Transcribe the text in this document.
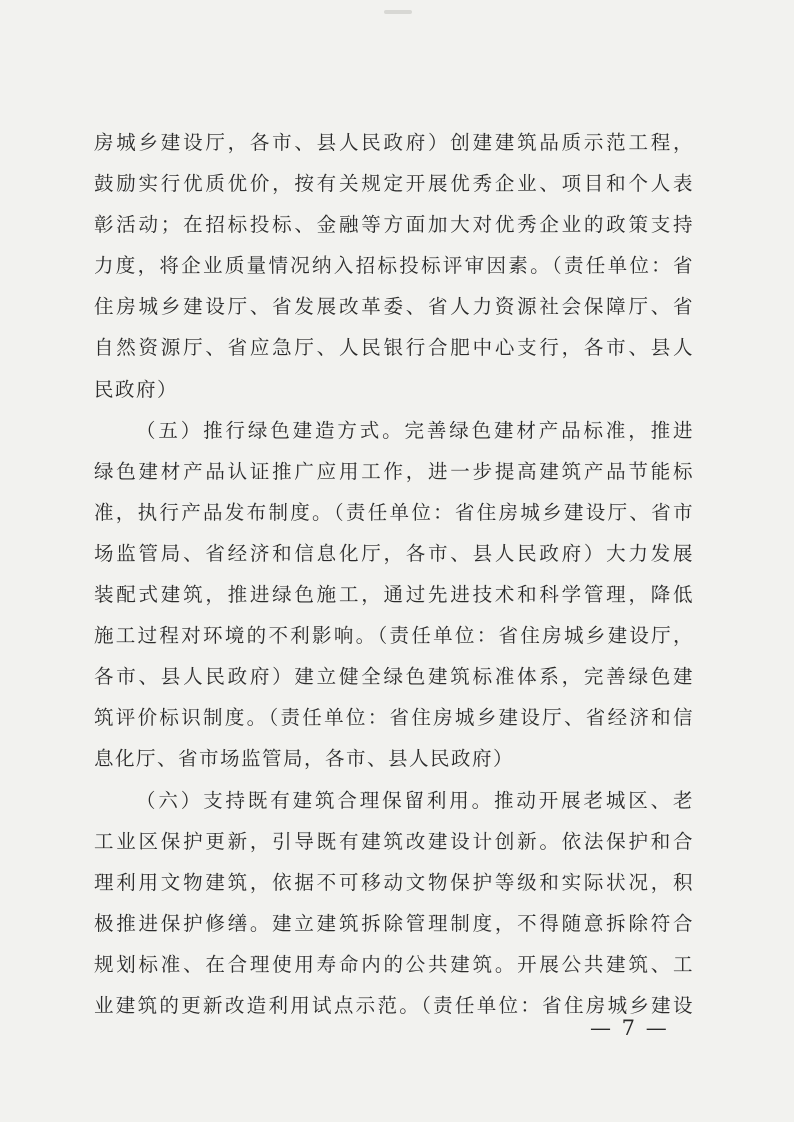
房城乡建设厅，各市、县人民政府）创建建筑品质示范工程，
鼓励实行优质优价，按有关规定开展优秀企业、项目和个人表
彰活动；在招标投标、金融等方面加大对优秀企业的政策支持
力度，将企业质量情况纳入招标投标评审因素。（责任单位：省
住房城乡建设厅、省发展改革委、省人力资源社会保障厅、省
自然资源厅、省应急厅、人民银行合肥中心支行，各市、县人
民政府）

（五）推行绿色建造方式。完善绿色建材产品标准，推进
绿色建材产品认证推广应用工作，进一步提高建筑产品节能标
准，执行产品发布制度。（责任单位：省住房城乡建设厅、省市
场监管局、省经济和信息化厅，各市、县人民政府）大力发展
装配式建筑，推进绿色施工，通过先进技术和科学管理，降低
施工过程对环境的不利影响。（责任单位：省住房城乡建设厅，
各市、县人民政府）建立健全绿色建筑标准体系，完善绿色建
筑评价标识制度。（责任单位：省住房城乡建设厅、省经济和信
息化厅、省市场监管局，各市、县人民政府）

（六）支持既有建筑合理保留利用。推动开展老城区、老
工业区保护更新，引导既有建筑改建设计创新。依法保护和合
理利用文物建筑，依据不可移动文物保护等级和实际状况，积
极推进保护修缮。建立建筑拆除管理制度，不得随意拆除符合
规划标准、在合理使用寿命内的公共建筑。开展公共建筑、工
业建筑的更新改造利用试点示范。（责任单位：省住房城乡建设

— 7 —
